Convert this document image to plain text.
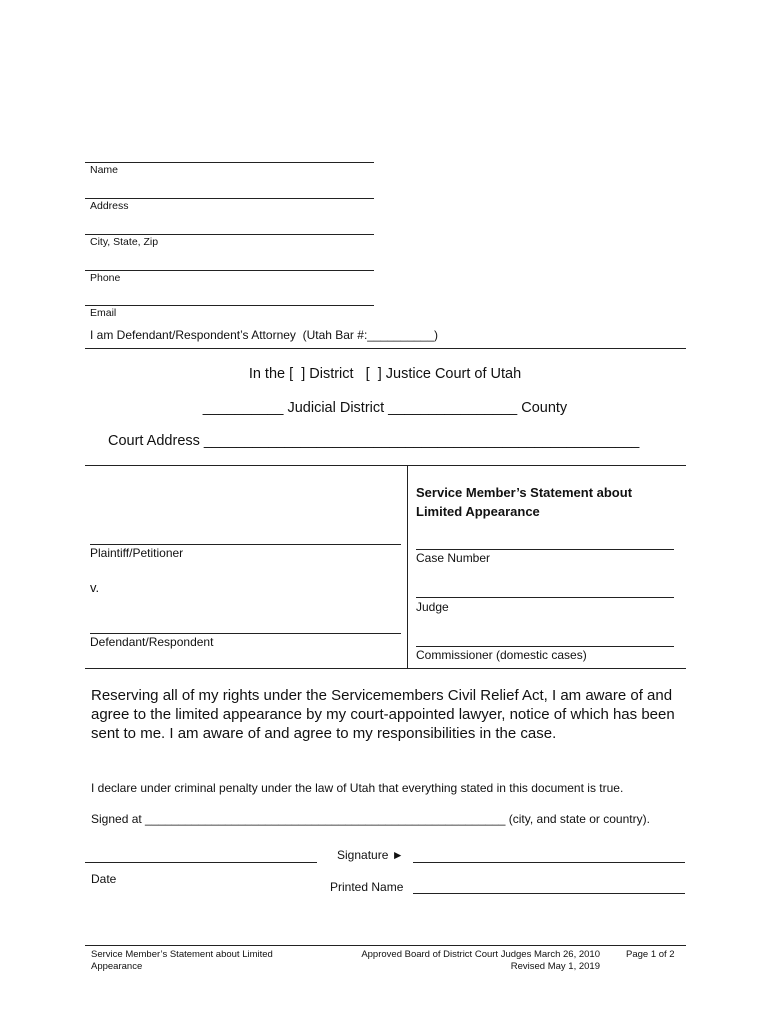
Name
Address
City, State, Zip
Phone
Email
I am Defendant/Respondent’s Attorney  (Utah Bar #:__________)
In the [  ] District   [  ] Justice Court of Utah
__________ Judicial District ________________ County
Court Address ______________________________________________________
Service Member’s Statement about
Limited Appearance
Plaintiff/Petitioner
v.
Defendant/Respondent
Case Number
Judge
Commissioner (domestic cases)
Reserving all of my rights under the Servicemembers Civil Relief Act, I am aware of and agree to the limited appearance by my court-appointed lawyer, notice of which has been sent to me. I am aware of and agree to my responsibilities in the case.
I declare under criminal penalty under the law of Utah that everything stated in this document is true.
Signed at ______________________________________________________ (city, and state or country).
Date
Signature ►
Printed Name
Service Member’s Statement about Limited
Appearance
Approved Board of District Court Judges March 26, 2010
Revised May 1, 2019
Page 1 of 2
